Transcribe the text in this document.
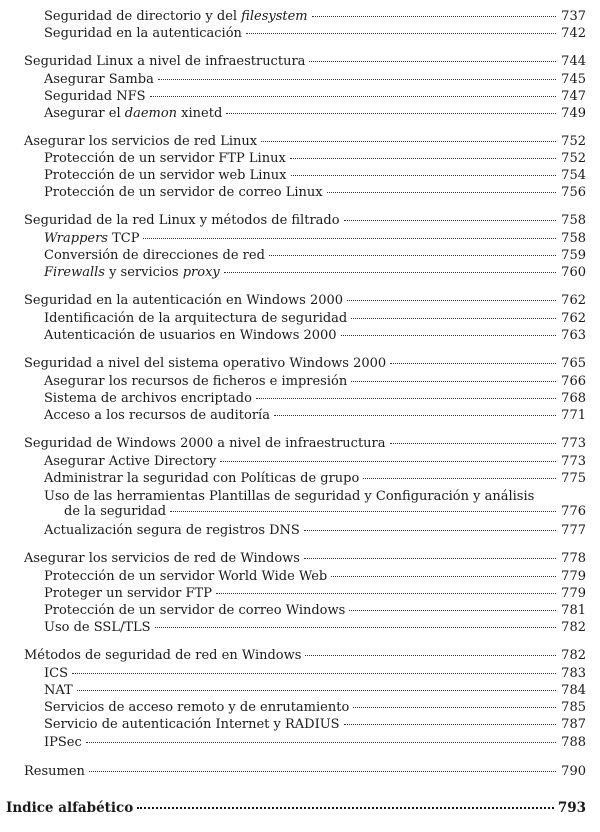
Seguridad de directorio y del filesystem	737
Seguridad en la autenticación	742
Seguridad Linux a nivel de infraestructura	744
Asegurar Samba	745
Seguridad NFS	747
Asegurar el daemon xinetd	749
Asegurar los servicios de red Linux	752
Protección de un servidor FTP Linux	752
Protección de un servidor web Linux	754
Protección de un servidor de correo Linux	756
Seguridad de la red Linux y métodos de filtrado	758
Wrappers TCP	758
Conversión de direcciones de red	759
Firewalls y servicios proxy	760
Seguridad en la autenticación en Windows 2000	762
Identificación de la arquitectura de seguridad	762
Autenticación de usuarios en Windows 2000	763
Seguridad a nivel del sistema operativo Windows 2000	765
Asegurar los recursos de ficheros e impresión	766
Sistema de archivos encriptado	768
Acceso a los recursos de auditoría	771
Seguridad de Windows 2000 a nivel de infraestructura	773
Asegurar Active Directory	773
Administrar la seguridad con Políticas de grupo	775
Uso de las herramientas Plantillas de seguridad y Configuración y análisis
de la seguridad	776
Actualización segura de registros DNS	777
Asegurar los servicios de red de Windows	778
Protección de un servidor World Wide Web	779
Proteger un servidor FTP	779
Protección de un servidor de correo Windows	781
Uso de SSL/TLS	782
Métodos de seguridad de red en Windows	782
ICS	783
NAT	784
Servicios de acceso remoto y de enrutamiento	785
Servicio de autenticación Internet y RADIUS	787
IPSec	788
Resumen	790
Indice alfabético	793
